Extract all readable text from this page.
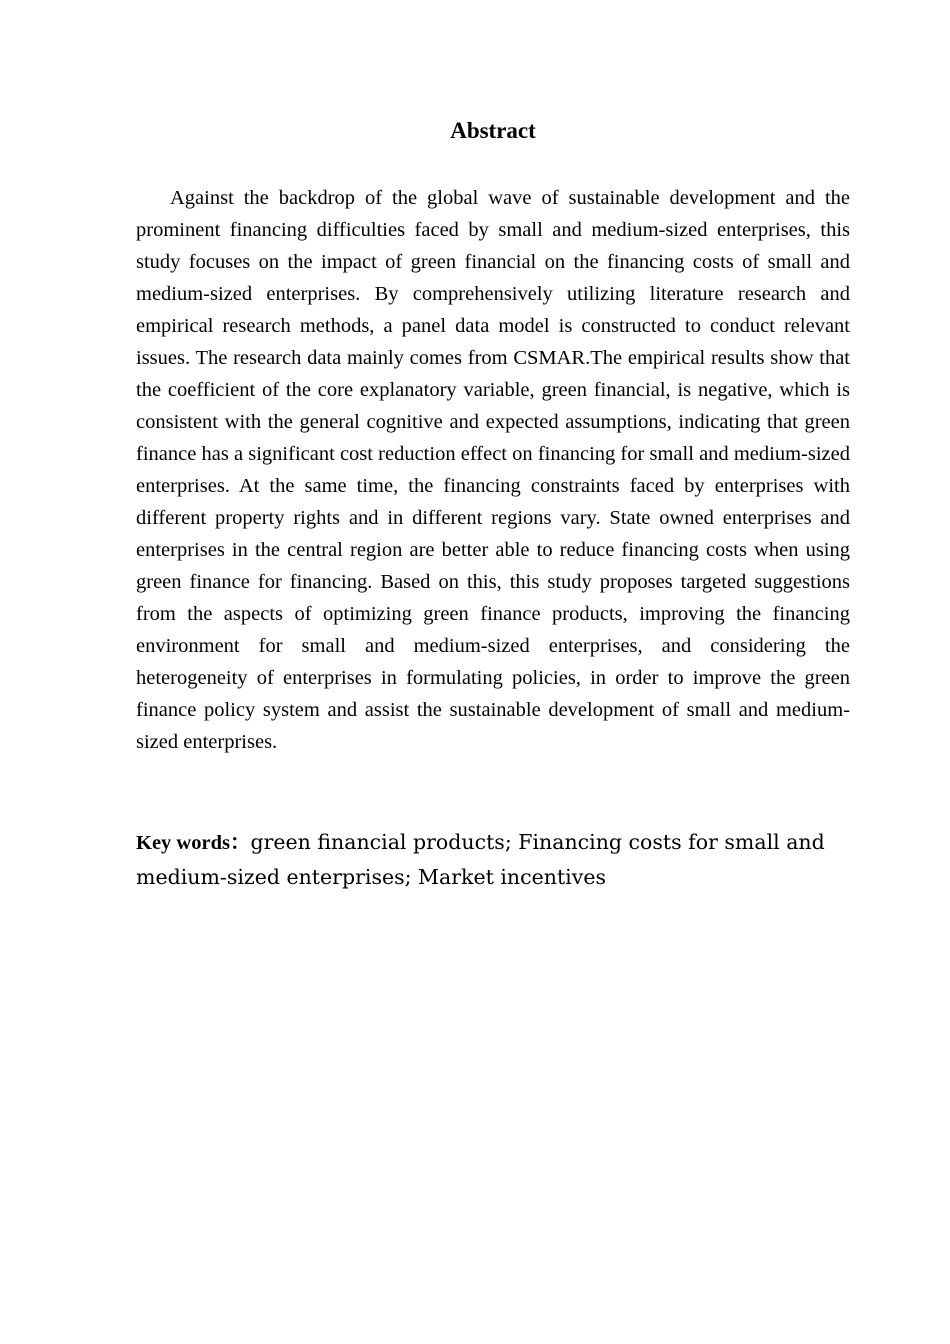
Abstract

Against the backdrop of the global wave of sustainable development and the prominent financing difficulties faced by small and medium-sized enterprises, this study focuses on the impact of green financial on the financing costs of small and medium-sized enterprises. By comprehensively utilizing literature research and empirical research methods, a panel data model is constructed to conduct relevant issues. The research data mainly comes from CSMAR.The empirical results show that the coefficient of the core explanatory variable, green financial, is negative, which is consistent with the general cognitive and expected assumptions, indicating that green finance has a significant cost reduction effect on financing for small and medium-sized enterprises. At the same time, the financing constraints faced by enterprises with different property rights and in different regions vary. State owned enterprises and enterprises in the central region are better able to reduce financing costs when using green finance for financing. Based on this, this study proposes targeted suggestions from the aspects of optimizing green finance products, improving the financing environment for small and medium-sized enterprises, and considering the heterogeneity of enterprises in formulating policies, in order to improve the green finance policy system and assist the sustainable development of small and medium-sized enterprises.

Key words：green financial products; Financing costs for small and medium-sized enterprises; Market incentives
